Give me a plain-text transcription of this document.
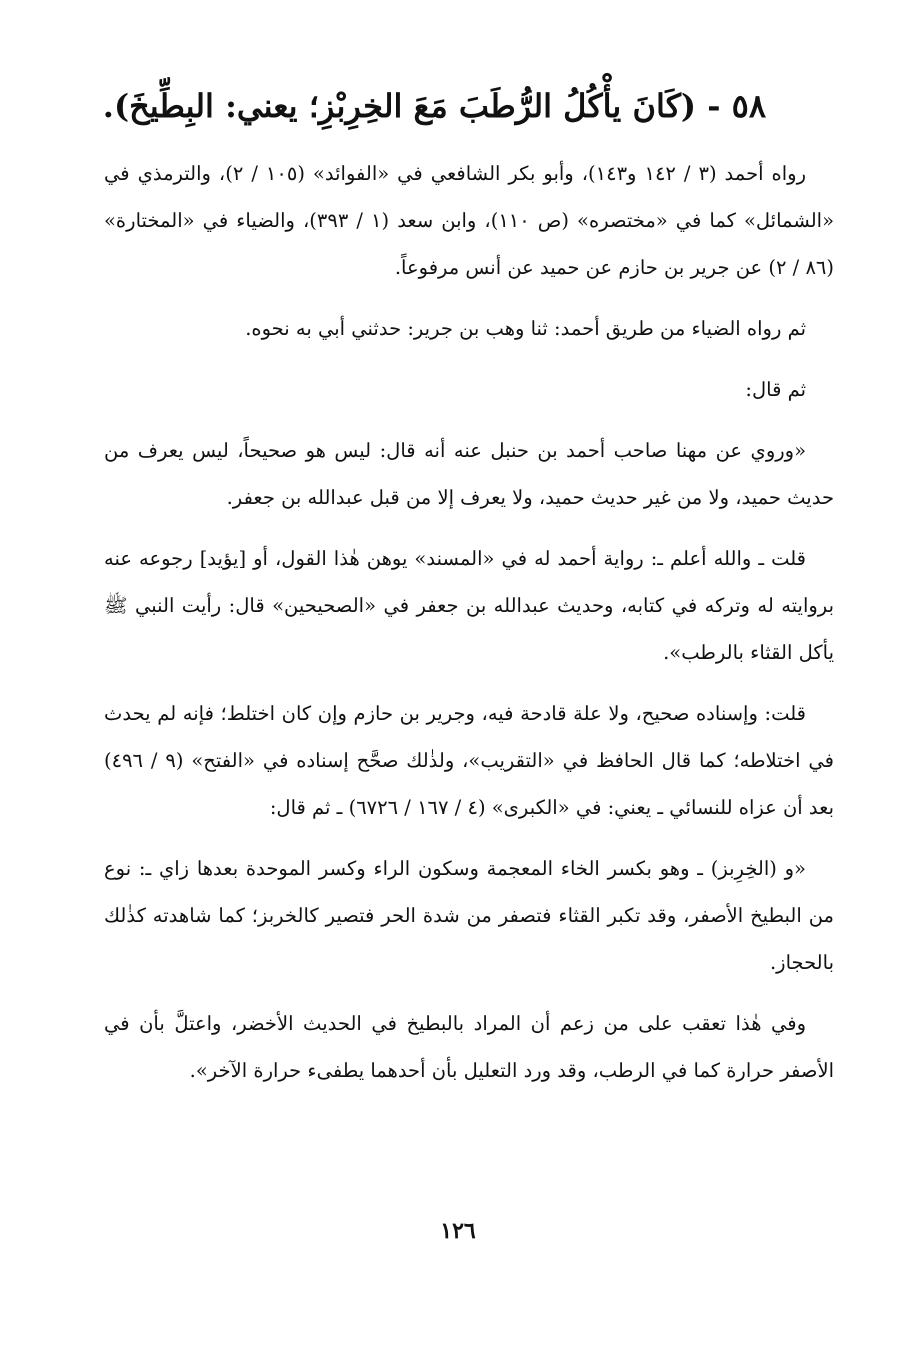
٥٨ - (كَانَ يأْكُلُ الرُّطَبَ مَعَ الخِرِبْزِ؛ يعني: البِطِّيخَ).

رواه أحمد (٣ / ١٤٢ و١٤٣)، وأبو بكر الشافعي في «الفوائد» (١٠٥ / ٢)، والترمذي في «الشمائل» كما في «مختصره» (ص ١١٠)، وابن سعد (١ / ٣٩٣)، والضياء في «المختارة» (٨٦ / ٢) عن جرير بن حازم عن حميد عن أنس مرفوعاً.

ثم رواه الضياء من طريق أحمد: ثنا وهب بن جرير: حدثني أبي به نحوه.

ثم قال:

«وروي عن مهنا صاحب أحمد بن حنبل عنه أنه قال: ليس هو صحيحاً، ليس يعرف من حديث حميد، ولا من غير حديث حميد، ولا يعرف إلا من قبل عبدالله بن جعفر.

قلت ـ والله أعلم ـ: رواية أحمد له في «المسند» يوهن هٰذا القول، أو [يؤيد] رجوعه عنه بروايته له وتركه في كتابه، وحديث عبدالله بن جعفر في «الصحيحين» قال: رأيت النبي ﷺ يأكل القثاء بالرطب».

قلت: وإسناده صحيح، ولا علة قادحة فيه، وجرير بن حازم وإن كان اختلط؛ فإنه لم يحدث في اختلاطه؛ كما قال الحافظ في «التقريب»، ولذٰلك صحَّح إسناده في «الفتح» (٩ / ٤٩٦) بعد أن عزاه للنسائي ـ يعني: في «الكبرى» (٤ / ١٦٧ / ٦٧٢٦) ـ ثم قال:

«و (الخِرِبز) ـ وهو بكسر الخاء المعجمة وسكون الراء وكسر الموحدة بعدها زاي ـ: نوع من البطيخ الأصفر، وقد تكبر القثاء فتصفر من شدة الحر فتصير كالخربز؛ كما شاهدته كذٰلك بالحجاز.

وفي هٰذا تعقب على من زعم أن المراد بالبطيخ في الحديث الأخضر، واعتلَّ بأن في الأصفر حرارة كما في الرطب، وقد ورد التعليل بأن أحدهما يطفىء حرارة الآخر».

١٢٦
